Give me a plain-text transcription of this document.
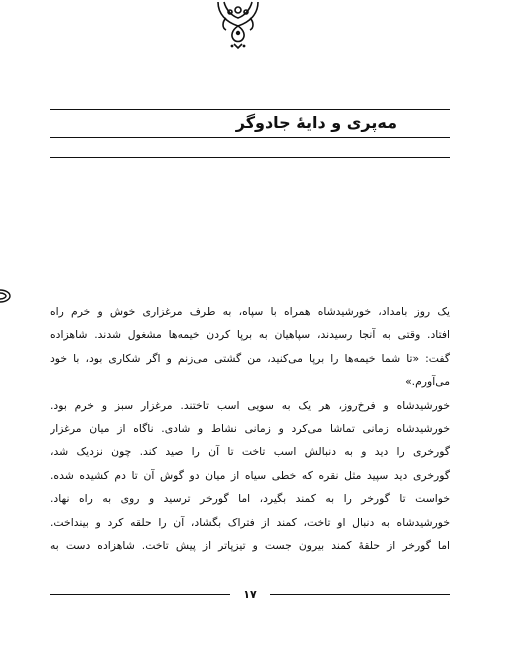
مه‌پری و دایهٔ جادوگر
یک روز بامداد، خورشیدشاه همراه با سپاه، به طرف مرغزاری خوش و خرم راه
افتاد. وقتی به آنجا رسیدند، سپاهیان به برپا کردن خیمه‌ها مشغول شدند. شاهزاده
گفت: «تا شما خیمه‌ها را برپا می‌کنید، من گشتی می‌زنم و اگر شکاری بود، با خود
می‌آورم.»
خورشیدشاه و فرخ‌روز، هر یک به سویی اسب تاختند. مرغزار سبز و خرم بود.
خورشیدشاه زمانی تماشا می‌کرد و زمانی نشاط و شادی. ناگاه از میان مرغزار
گورخری را دید و به دنبالش اسب تاخت تا آن را صید کند. چون نزدیک شد،
گورخری دید سپید مثل نقره که خطی سیاه از میان دو گوش آن تا دم کشیده شده.
خواست تا گورخر را به کمند بگیرد، اما گورخر ترسید و روی به راه نهاد.
خورشیدشاه به دنبال او تاخت، کمند از فتراک بگشاد، آن را حلقه کرد و بینداخت.
اما گورخر از حلقهٔ کمند بیرون جست و تیزپاتر از پیش تاخت. شاهزاده دست به
۱۷
